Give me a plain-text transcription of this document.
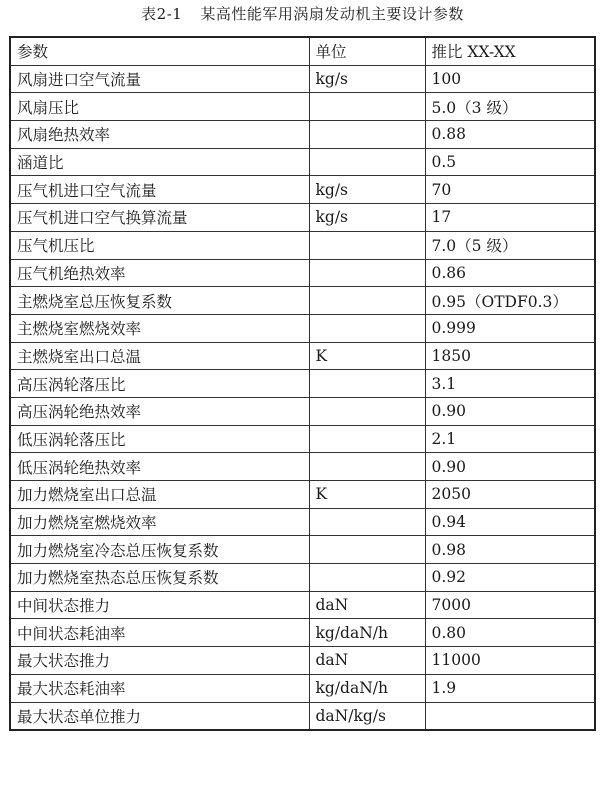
表2-1 某高性能军用涡扇发动机主要设计参数
参数	单位	推比 XX-XX
风扇进口空气流量	kg/s	100
风扇压比		5.0（3 级）
风扇绝热效率		0.88
涵道比		0.5
压气机进口空气流量	kg/s	70
压气机进口空气换算流量	kg/s	17
压气机压比		7.0（5 级）
压气机绝热效率		0.86
主燃烧室总压恢复系数		0.95（OTDF0.3）
主燃烧室燃烧效率		0.999
主燃烧室出口总温	K	1850
高压涡轮落压比		3.1
高压涡轮绝热效率		0.90
低压涡轮落压比		2.1
低压涡轮绝热效率		0.90
加力燃烧室出口总温	K	2050
加力燃烧室燃烧效率		0.94
加力燃烧室冷态总压恢复系数		0.98
加力燃烧室热态总压恢复系数		0.92
中间状态推力	daN	7000
中间状态耗油率	kg/daN/h	0.80
最大状态推力	daN	11000
最大状态耗油率	kg/daN/h	1.9
最大状态单位推力	daN/kg/s	
